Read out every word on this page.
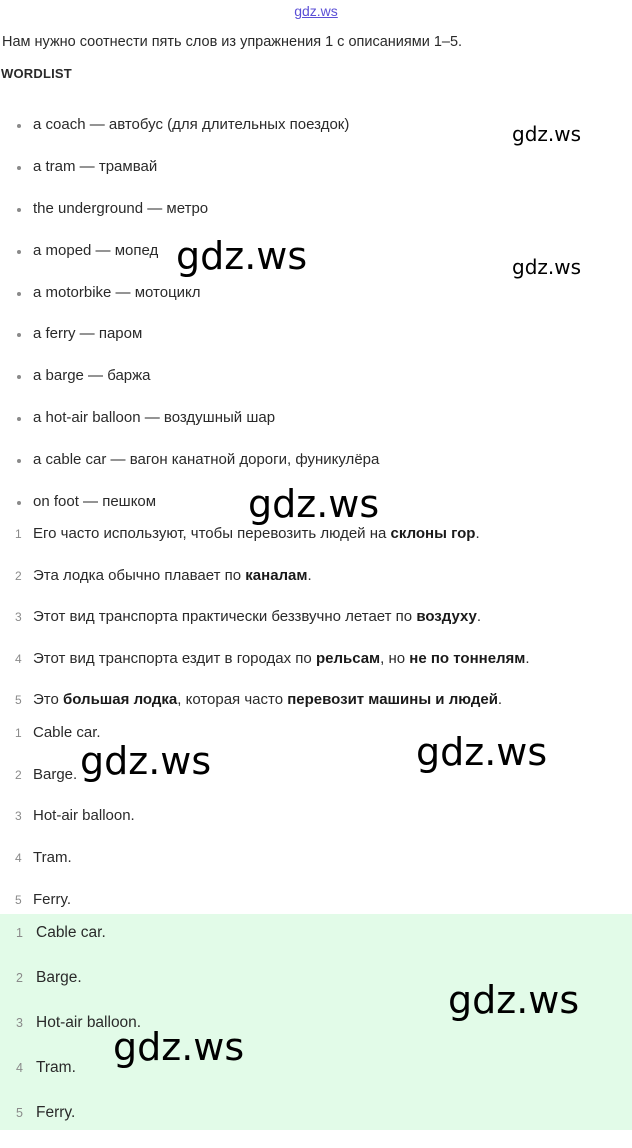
gdz.ws
Нам нужно соотнести пять слов из упражнения 1 с описаниями 1–5.
WORDLIST
a coach — автобус (для длительных поездок)
a tram — трамвай
the underground — метро
a moped — мопед
a motorbike — мотоцикл
a ferry — паром
a barge — баржа
a hot-air balloon — воздушный шар
a cable car — вагон канатной дороги, фуникулёра
on foot — пешком
1 Его часто используют, чтобы перевозить людей на склоны гор.
2 Эта лодка обычно плавает по каналам.
3 Этот вид транспорта практически беззвучно летает по воздуху.
4 Этот вид транспорта ездит в городах по рельсам, но не по тоннелям.
5 Это большая лодка, которая часто перевозит машины и людей.
1 Cable car.
2 Barge.
3 Hot-air balloon.
4 Tram.
5 Ferry.
1 Cable car.
2 Barge.
3 Hot-air balloon.
4 Tram.
5 Ferry.
gdz.ws
gdz.ws	gdz.ws
gdz.ws
gdz.ws
gdz.ws
gdz.ws
gdz.ws
